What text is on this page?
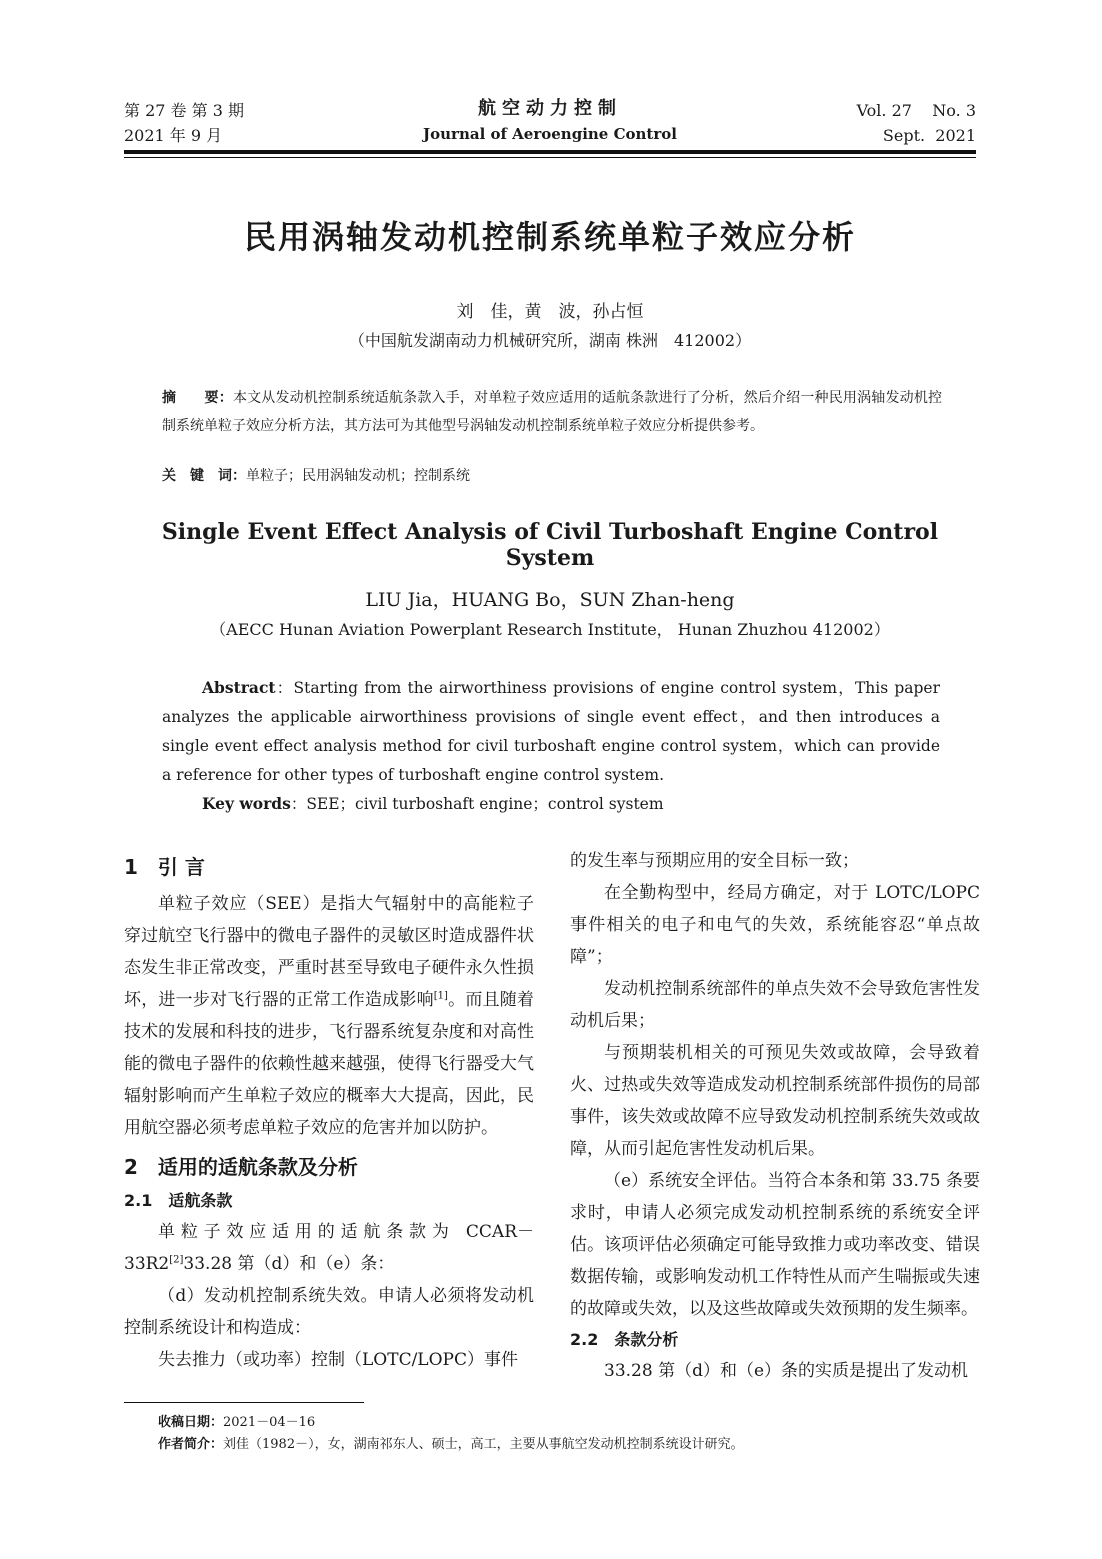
第 27 卷 第 3 期
2021 年 9 月
航空动力控制
Journal of Aeroengine Control
Vol. 27    No. 3
Sept.  2021
民用涡轴发动机控制系统单粒子效应分析
刘　佳，黄　波，孙占恒
（中国航发湖南动力机械研究所，湖南 株洲　412002）
摘　　要：本文从发动机控制系统适航条款入手，对单粒子效应适用的适航条款进行了分析，然后介绍一种民用涡轴发动机控制系统单粒子效应分析方法，其方法可为其他型号涡轴发动机控制系统单粒子效应分析提供参考。
关　键　词：单粒子；民用涡轴发动机；控制系统
Single Event Effect Analysis of Civil Turboshaft Engine Control System
LIU Jia，HUANG Bo，SUN Zhan-heng
（AECC Hunan Aviation Powerplant Research Institute， Hunan Zhuzhou 412002）
Abstract：Starting from the airworthiness provisions of engine control system，This paper analyzes the applicable airworthiness provisions of single event effect，and then introduces a single event effect analysis method for civil turboshaft engine control system，which can provide a reference for other types of turboshaft engine control system.
Key words：SEE；civil turboshaft engine；control system
1　引 言

单粒子效应（SEE）是指大气辐射中的高能粒子穿过航空飞行器中的微电子器件的灵敏区时造成器件状态发生非正常改变，严重时甚至导致电子硬件永久性损坏，进一步对飞行器的正常工作造成影响[1]。而且随着技术的发展和科技的进步，飞行器系统复杂度和对高性能的微电子器件的依赖性越来越强，使得飞行器受大气辐射影响而产生单粒子效应的概率大大提高，因此，民用航空器必须考虑单粒子效应的危害并加以防护。

2　适用的适航条款及分析
2.1　适航条款

单粒子效应适用的适航条款为 CCAR－33R2[2]33.28 第（d）和（e）条：

（d）发动机控制系统失效。申请人必须将发动机控制系统设计和构造成：

失去推力（或功率）控制（LOTC/LOPC）事件

的发生率与预期应用的安全目标一致；

在全勤构型中，经局方确定，对于 LOTC/LOPC 事件相关的电子和电气的失效，系统能容忍“单点故障”；

发动机控制系统部件的单点失效不会导致危害性发动机后果；

与预期装机相关的可预见失效或故障，会导致着火、过热或失效等造成发动机控制系统部件损伤的局部事件，该失效或故障不应导致发动机控制系统失效或故障，从而引起危害性发动机后果。

（e）系统安全评估。当符合本条和第 33.75 条要求时，申请人必须完成发动机控制系统的系统安全评估。该项评估必须确定可能导致推力或功率改变、错误数据传输，或影响发动机工作特性从而产生喘振或失速的故障或失效，以及这些故障或失效预期的发生频率。

2.2　条款分析

33.28 第（d）和（e）条的实质是提出了发动机

收稿日期：2021－04－16
作者简介：刘佳（1982－），女，湖南祁东人、硕士，高工，主要从事航空发动机控制系统设计研究。
